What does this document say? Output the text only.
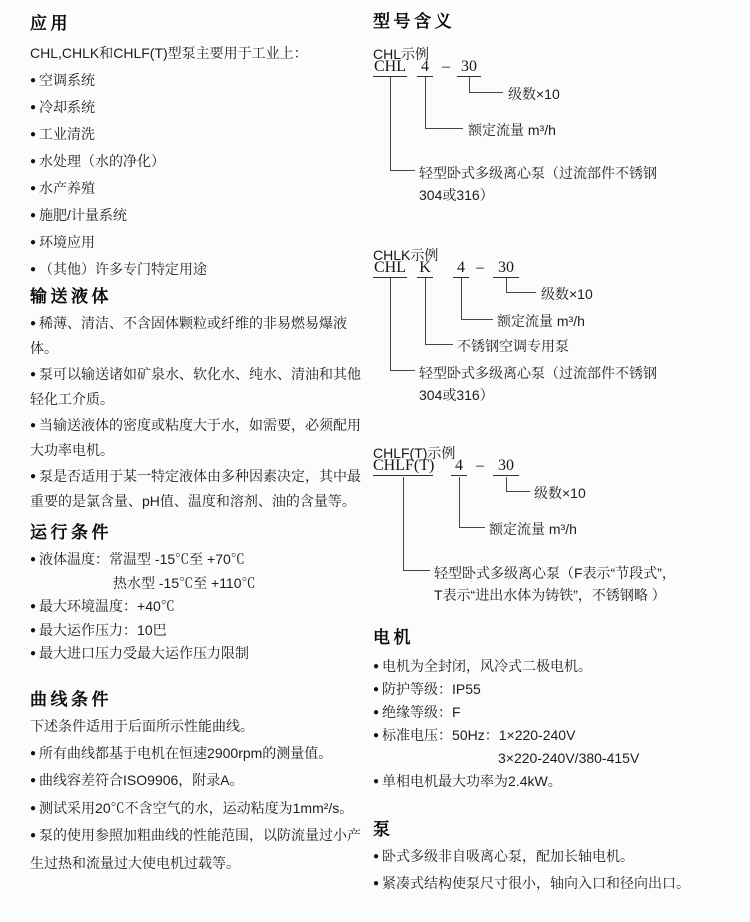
应用
CHL,CHLK和CHLF(T)型泵主要用于工业上：
● 空调系统
● 冷却系统
● 工业清洗
● 水处理（水的净化）
● 水产养殖
● 施肥/计量系统
● 环境应用
● （其他）许多专门特定用途
输送液体
● 稀薄、清洁、不含固体颗粒或纤维的非易燃易爆液体。
● 泵可以输送诸如矿泉水、软化水、纯水、清油和其他轻化工介质。
● 当输送液体的密度或粘度大于水，如需要，必须配用大功率电机。
● 泵是否适用于某一特定液体由多种因素决定，其中最重要的是氯含量、pH值、温度和溶剂、油的含量等。
运行条件
● 液体温度：常温型 -15℃至 +70℃
热水型 -15℃至 +110℃
● 最大环境温度：+40℃
● 最大运作压力：10巴
● 最大进口压力受最大运作压力限制
曲线条件
下述条件适用于后面所示性能曲线。
● 所有曲线都基于电机在恒速2900rpm的测量值。
● 曲线容差符合ISO9906，附录A。
● 测试采用20℃不含空气的水，运动粘度为1mm²/s。
● 泵的使用参照加粗曲线的性能范围，以防流量过小产生过热和流量过大使电机过载等。
型号含义
CHL示例
CHL 4 – 30
级数×10
额定流量 m³/h
轻型卧式多级离心泵（过流部件不锈钢
304或316）
CHLK示例
CHL K 4 – 30
级数×10
额定流量 m³/h
不锈钢空调专用泵
轻型卧式多级离心泵（过流部件不锈钢
304或316）
CHLF(T)示例
CHLF(T) 4 – 30
级数×10
额定流量 m³/h
轻型卧式多级离心泵（F表示“节段式”，
T表示“进出水体为铸铁”，不锈钢略 ）
电机
● 电机为全封闭，风冷式二极电机。
● 防护等级：IP55
● 绝缘等级：F
● 标准电压：50Hz：1×220-240V
3×220-240V/380-415V
● 单相电机最大功率为2.4kW。
泵
● 卧式多级非自吸离心泵，配加长轴电机。
● 紧凑式结构使泵尺寸很小，轴向入口和径向出口。
